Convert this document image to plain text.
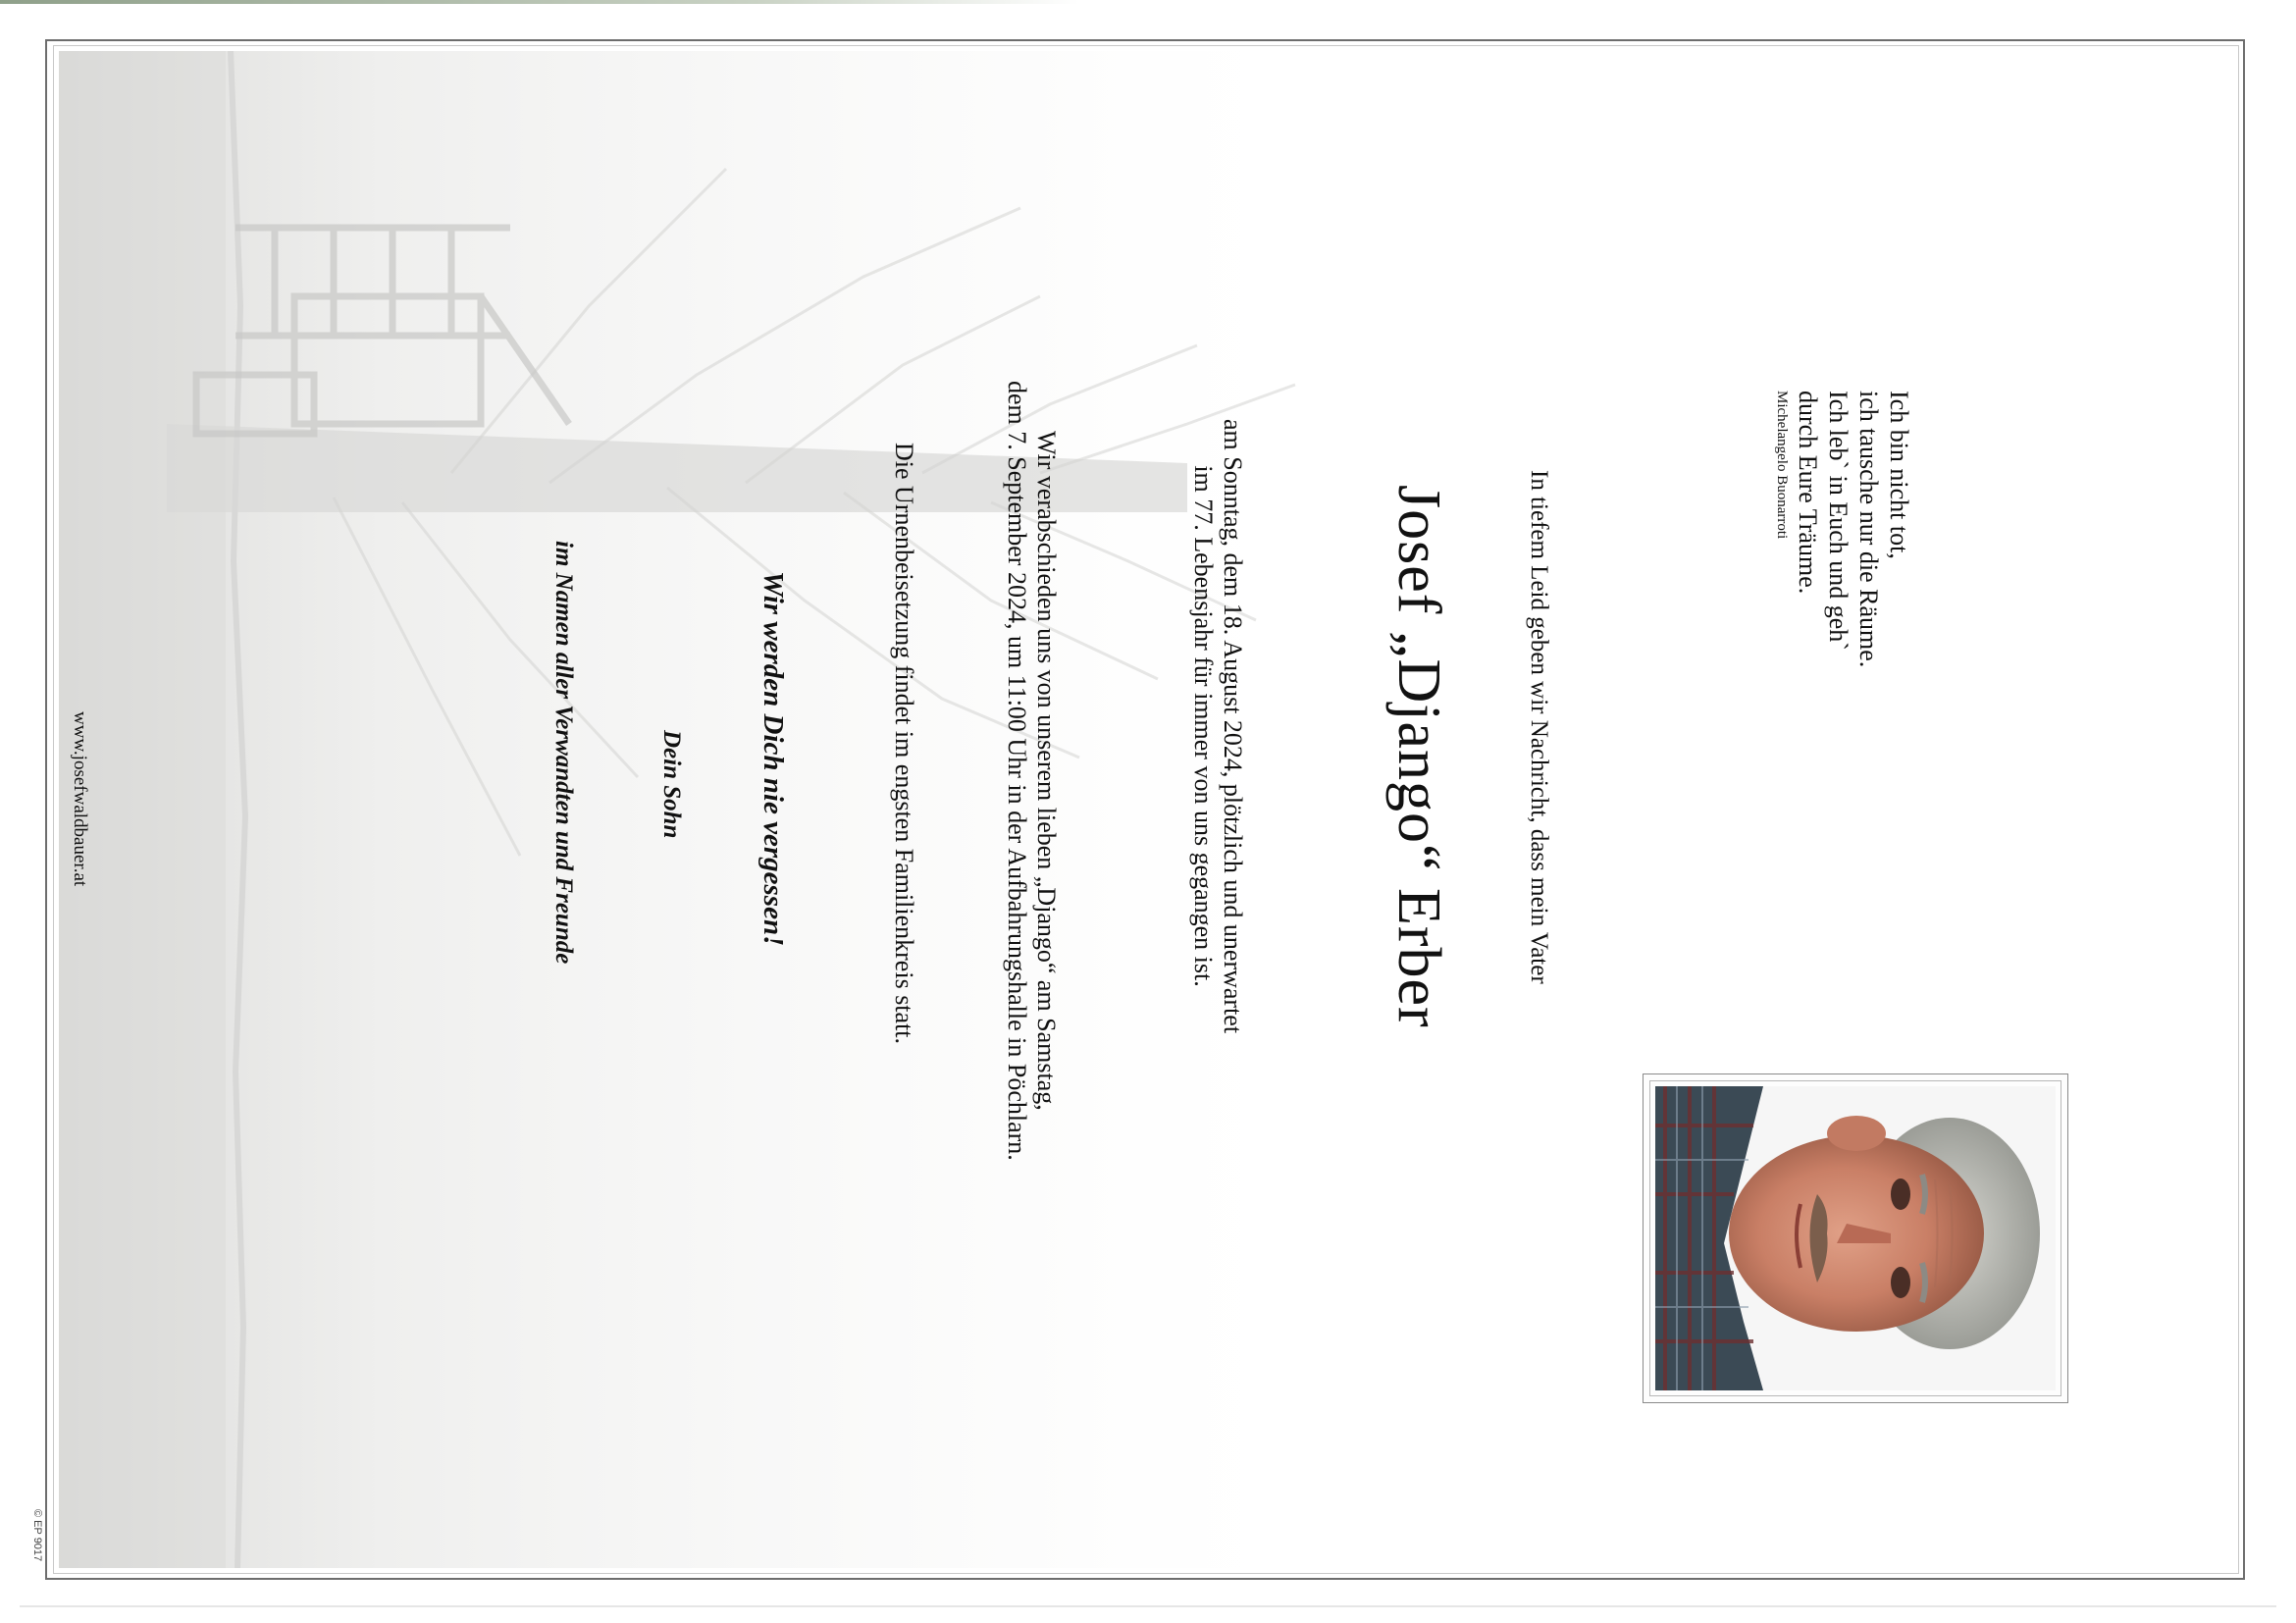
Ich bin nicht tot,
ich tausche nur die Räume.
Ich leb` in Euch und geh`
durch Eure Träume.
Michelangelo Buonarroti
In tiefem Leid geben wir Nachricht, dass mein Vater
Josef „Django“ Erber
am Sonntag, dem 18. August 2024, plötzlich und unerwartet
im 77. Lebensjahr für immer von uns gegangen ist.
Wir verabschieden uns von unserem lieben „Django“ am Samstag,
dem 7. September 2024, um 11:00 Uhr in der Aufbahrungshalle in Pöchlarn.
Die Urnenbeisetzung findet im engsten Familienkreis statt.
Wir werden Dich nie vergessen!
Dein Sohn
im Namen aller Verwandten und Freunde
www.josefwaldbauer.at
© EP 9017
